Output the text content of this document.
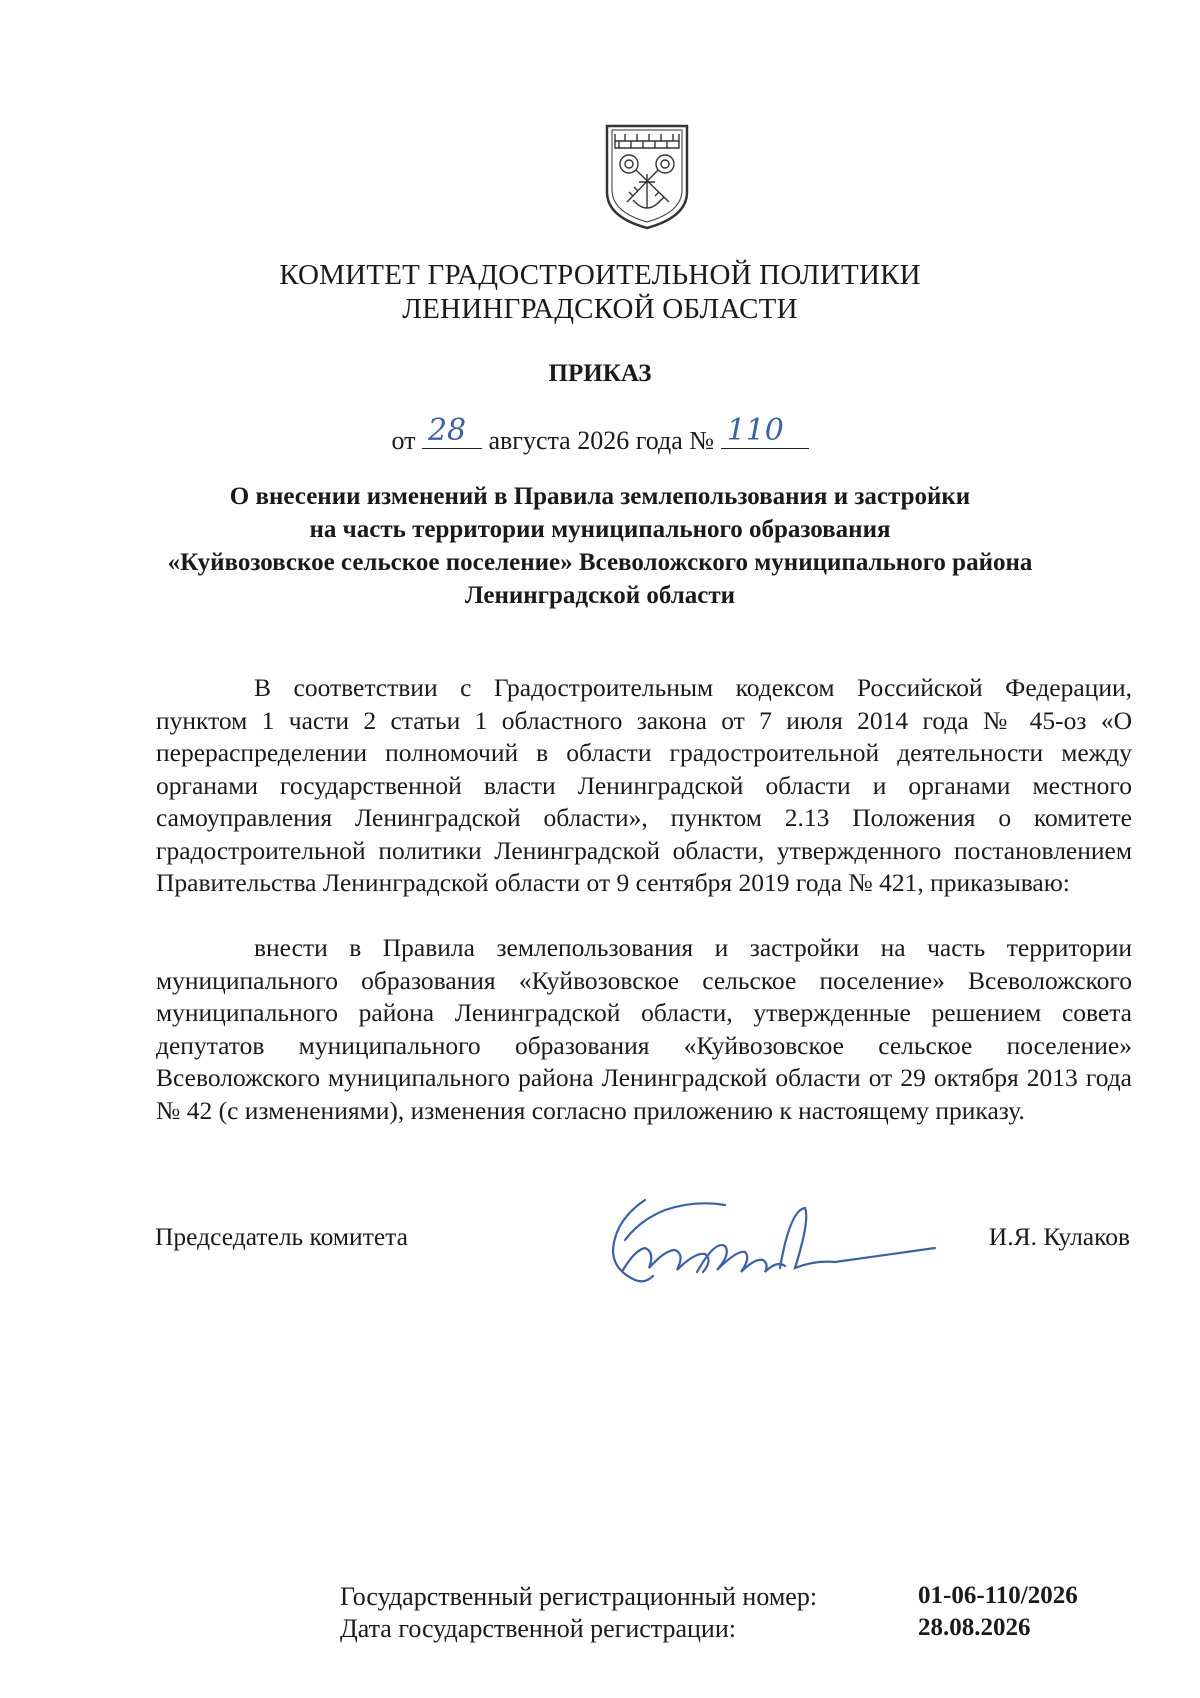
КОМИТЕТ ГРАДОСТРОИТЕЛЬНОЙ ПОЛИТИКИ
ЛЕНИНГРАДСКОЙ ОБЛАСТИ
ПРИКАЗ
от 28 августа 2026 года № 110
О внесении изменений в Правила землепользования и застройки
на часть территории муниципального образования
«Куйвозовское сельское поселение» Всеволожского муниципального района
Ленинградской области
В соответствии с Градостроительным кодексом Российской Федерации, пунктом 1 части 2 статьи 1 областного закона от 7 июля 2014 года № 45-оз «О перераспределении полномочий в области градостроительной деятельности между органами государственной власти Ленинградской области и органами местного самоуправления Ленинградской области», пунктом 2.13 Положения о комитете градостроительной политики Ленинградской области, утвержденного постановлением Правительства Ленинградской области от 9 сентября 2019 года № 421, приказываю:
внести в Правила землепользования и застройки на часть территории муниципального образования «Куйвозовское сельское поселение» Всеволожского муниципального района Ленинградской области, утвержденные решением совета депутатов муниципального образования «Куйвозовское сельское поселение» Всеволожского муниципального района Ленинградской области от 29 октября 2013 года № 42 (с изменениями), изменения согласно приложению к настоящему приказу.
Председатель комитета	И.Я. Кулаков
Государственный регистрационный номер:	01-06-110/2026
Дата государственной регистрации:	28.08.2026
